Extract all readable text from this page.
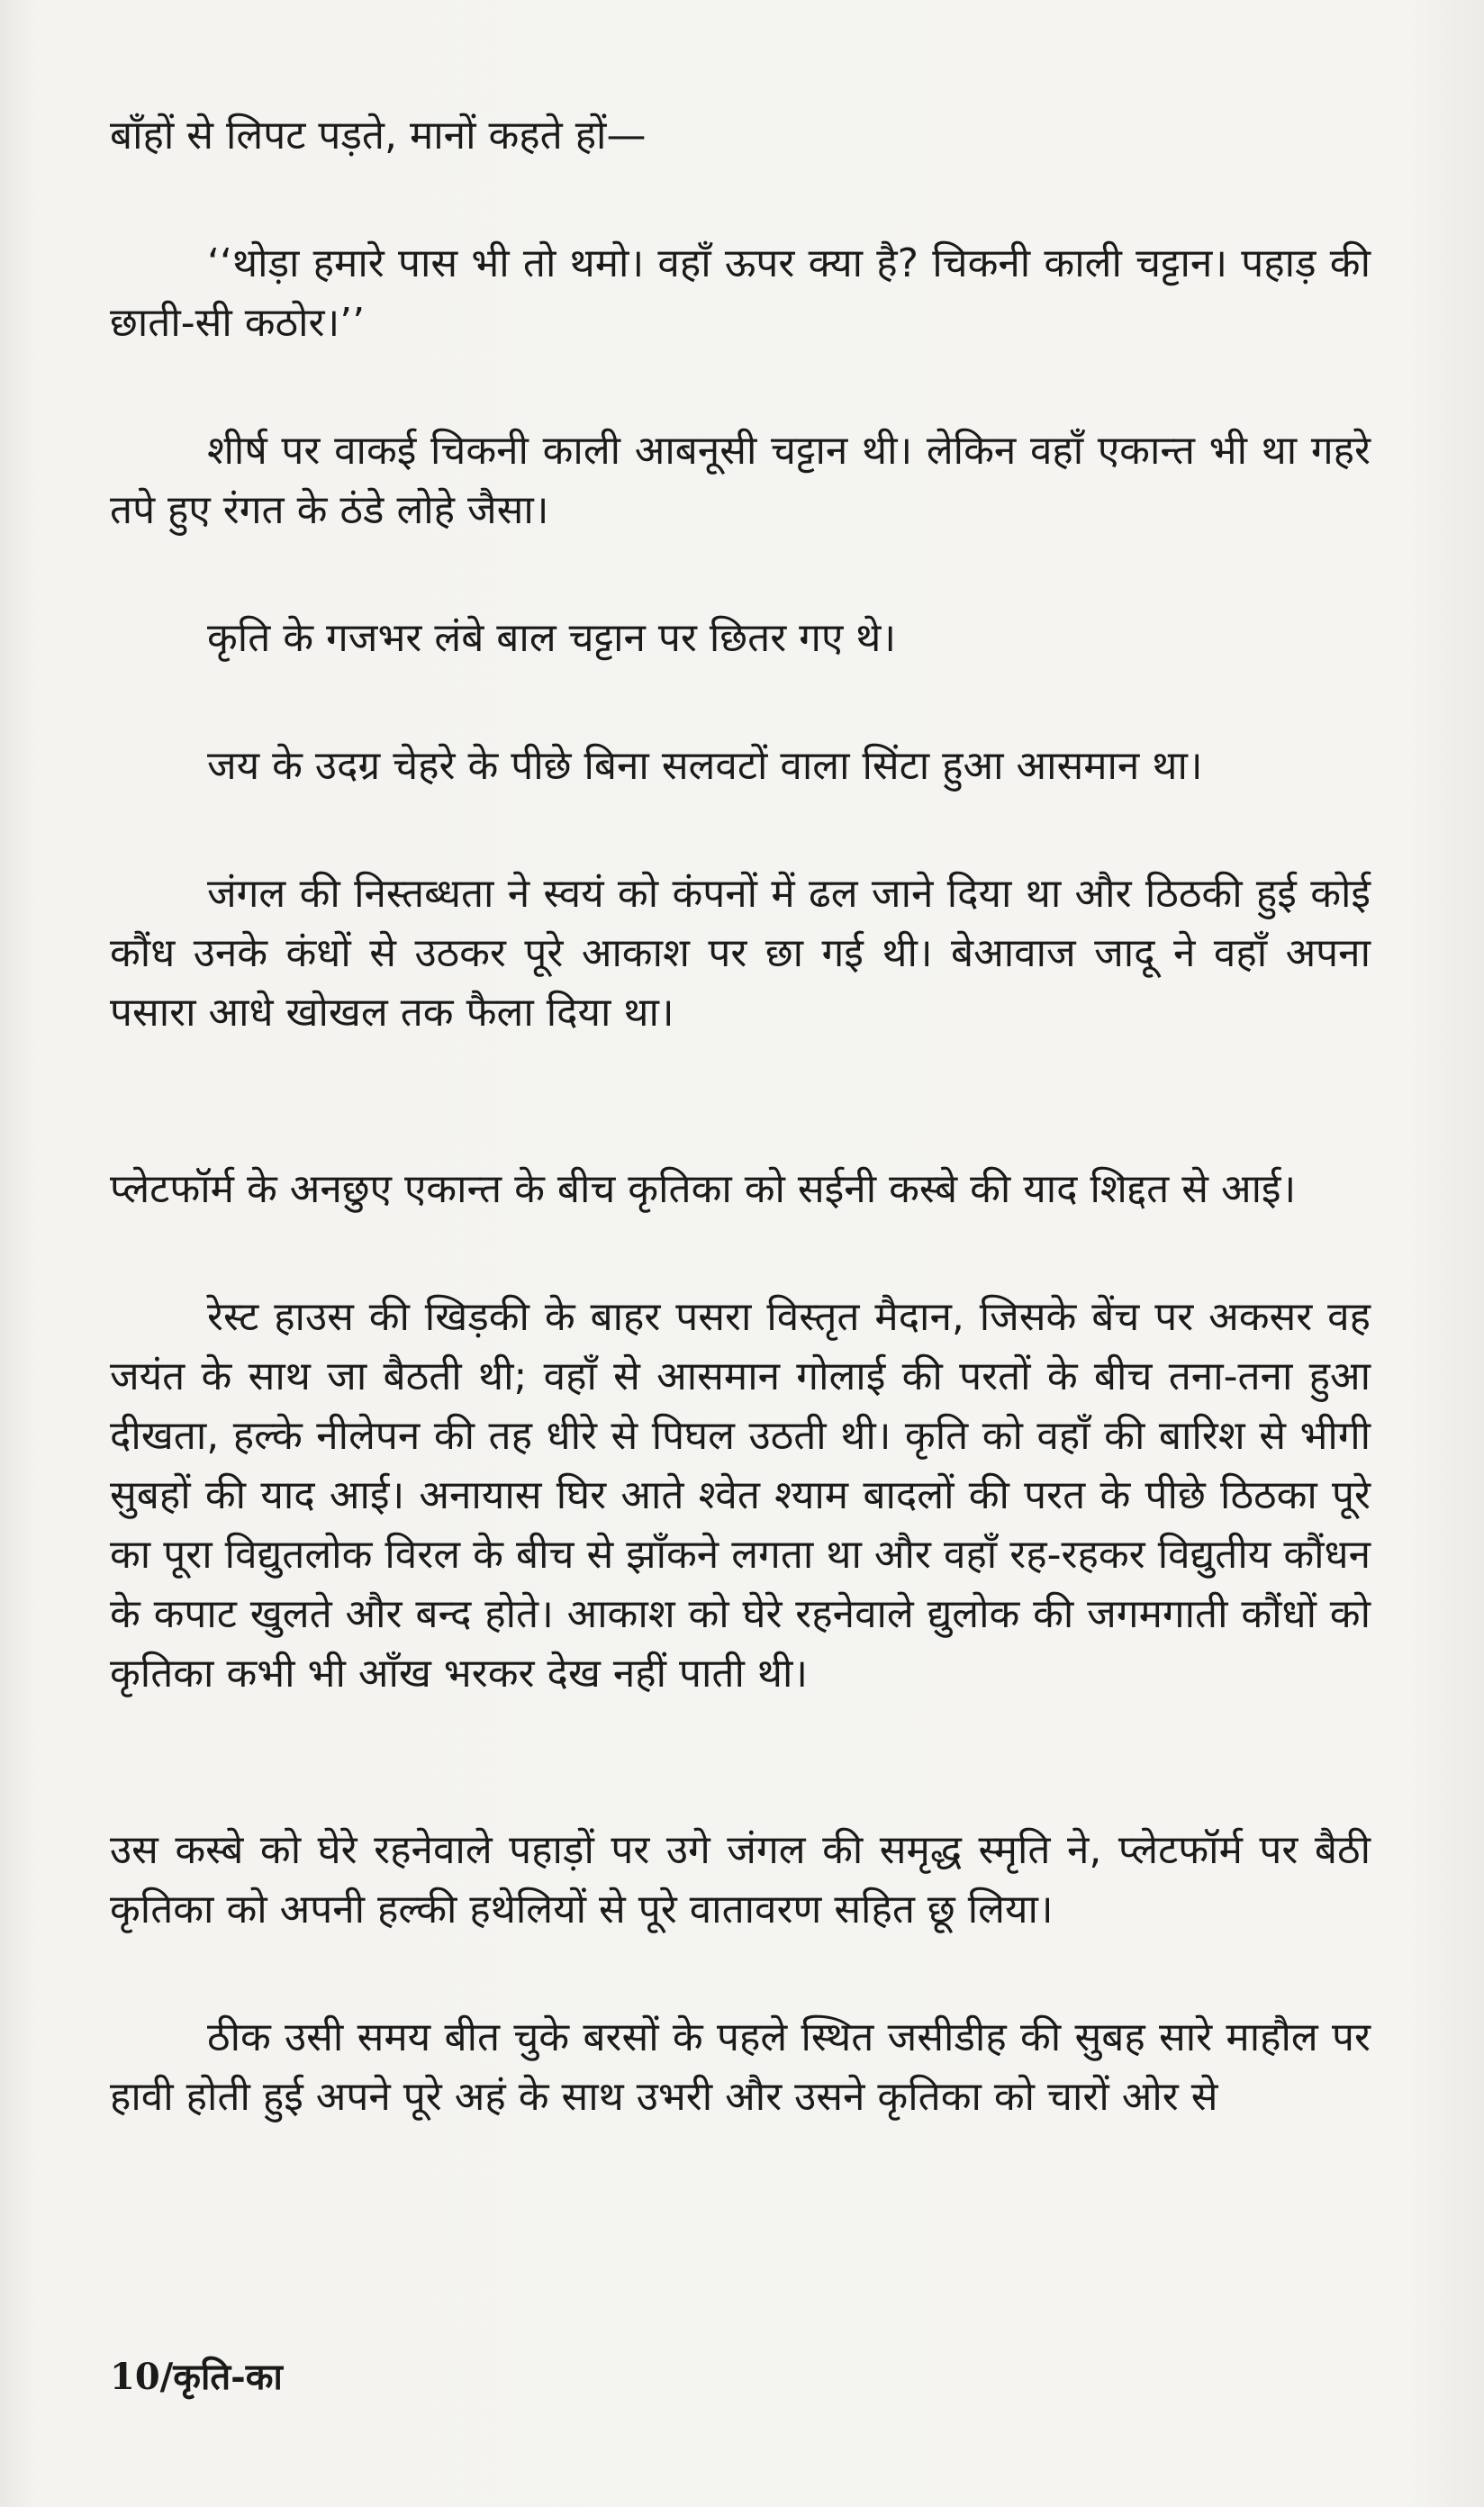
बाँहों से लिपट पड़ते, मानों कहते हों—

‘‘थोड़ा हमारे पास भी तो थमो। वहाँ ऊपर क्या है? चिकनी काली चट्टान। पहाड़ की छाती-सी कठोर।’’

शीर्ष पर वाकई चिकनी काली आबनूसी चट्टान थी। लेकिन वहाँ एकान्त भी था गहरे तपे हुए रंगत के ठंडे लोहे जैसा।

कृति के गजभर लंबे बाल चट्टान पर छितर गए थे।

जय के उदग्र चेहरे के पीछे बिना सलवटों वाला सिंटा हुआ आसमान था।

जंगल की निस्तब्धता ने स्वयं को कंपनों में ढल जाने दिया था और ठिठकी हुई कोई कौंध उनके कंधों से उठकर पूरे आकाश पर छा गई थी। बेआवाज जादू ने वहाँ अपना पसारा आधे खोखल तक फैला दिया था।

प्लेटफॉर्म के अनछुए एकान्त के बीच कृतिका को सईनी कस्बे की याद शिद्दत से आई।

रेस्ट हाउस की खिड़की के बाहर पसरा विस्तृत मैदान, जिसके बेंच पर अकसर वह जयंत के साथ जा बैठती थी; वहाँ से आसमान गोलाई की परतों के बीच तना-तना हुआ दीखता, हल्के नीलेपन की तह धीरे से पिघल उठती थी। कृति को वहाँ की बारिश से भीगी सुबहों की याद आई। अनायास घिर आते श्वेत श्याम बादलों की परत के पीछे ठिठका पूरे का पूरा विद्युतलोक विरल के बीच से झाँकने लगता था और वहाँ रह-रहकर विद्युतीय कौंधन के कपाट खुलते और बन्द होते। आकाश को घेरे रहनेवाले द्युलोक की जगमगाती कौंधों को कृतिका कभी भी आँख भरकर देख नहीं पाती थी।

उस कस्बे को घेरे रहनेवाले पहाड़ों पर उगे जंगल की समृद्ध स्मृति ने, प्लेटफॉर्म पर बैठी कृतिका को अपनी हल्की हथेलियों से पूरे वातावरण सहित छू लिया।

ठीक उसी समय बीत चुके बरसों के पहले स्थित जसीडीह की सुबह सारे माहौल पर हावी होती हुई अपने पूरे अहं के साथ उभरी और उसने कृतिका को चारों ओर से

10/कृति-का
